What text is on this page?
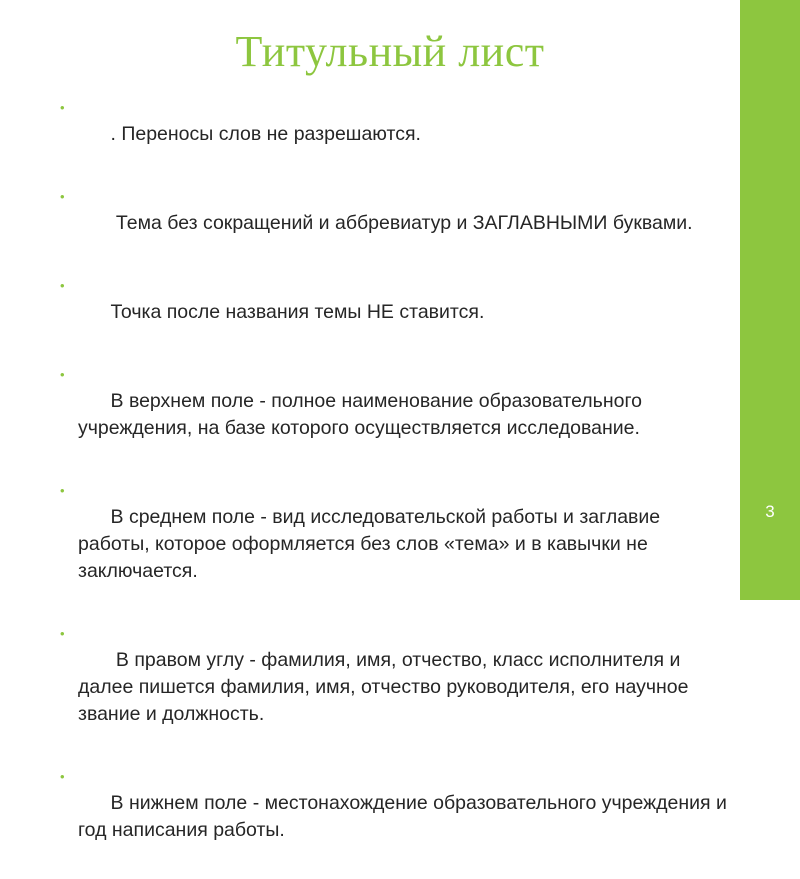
Титульный лист

•
. Переносы слов не разрешаются.

•
Тема без сокращений и аббревиатур и ЗАГЛАВНЫМИ буквами.

•
Точка после названия темы НЕ ставится.

•
В верхнем поле - полное наименование образовательного учреждения, на базе которого осуществляется исследование.

•
В среднем поле - вид исследовательской работы и заглавие работы, которое оформляется без слов «тема» и в кавычки не заключается.

•
В правом углу - фамилия, имя, отчество, класс исполнителя и далее пишется фамилия, имя, отчество руководителя, его научное звание и должность.

•
В нижнем поле - местонахождение образовательного учреждения и год написания работы.

3
